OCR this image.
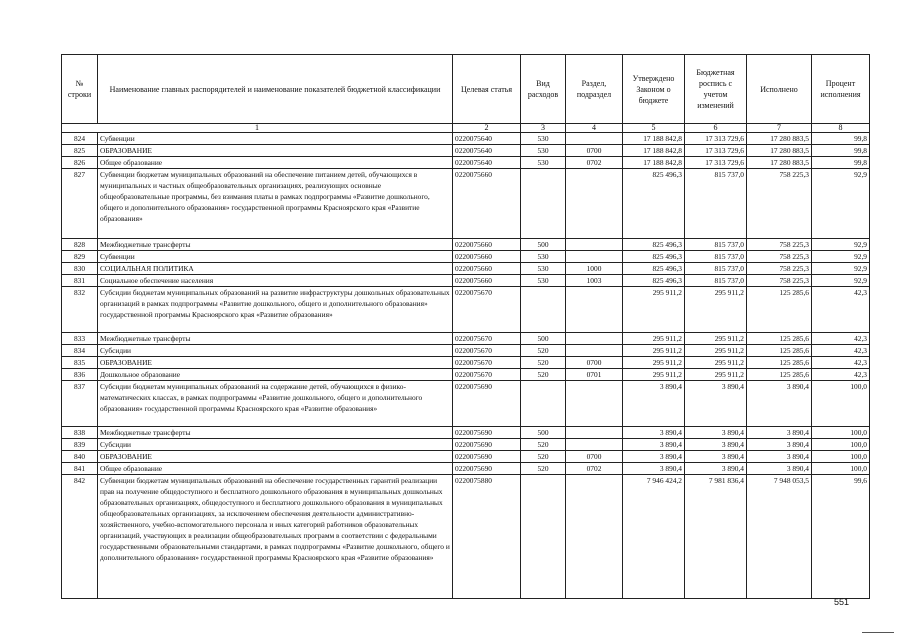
№ строки	Наименование главных распорядителей и наименование показателей бюджетной классификации	Целевая статья	Вид расходов	Раздел, подраздел	Утверждено Законом о бюджете	Бюджетная роспись с учетом изменений	Исполнено	Процент исполнения
1		2	3	4	5	6	7	8
824	Субвенции	0220075640	530		17 188 842,8	17 313 729,6	17 280 883,5	99,8
825	ОБРАЗОВАНИЕ	0220075640	530	0700	17 188 842,8	17 313 729,6	17 280 883,5	99,8
826	Общее образование	0220075640	530	0702	17 188 842,8	17 313 729,6	17 280 883,5	99,8
827	Субвенции бюджетам муниципальных образований на обеспечение питанием детей, обучающихся в муниципальных и частных общеобразовательных организациях, реализующих основные общеобразовательные программы, без взимания платы в рамках подпрограммы «Развитие дошкольного, общего и дополнительного образования» государственной программы Красноярского края «Развитие образования»	0220075660			825 496,3	815 737,0	758 225,3	92,9
828	Межбюджетные трансферты	0220075660	500		825 496,3	815 737,0	758 225,3	92,9
829	Субвенции	0220075660	530		825 496,3	815 737,0	758 225,3	92,9
830	СОЦИАЛЬНАЯ ПОЛИТИКА	0220075660	530	1000	825 496,3	815 737,0	758 225,3	92,9
831	Социальное обеспечение населения	0220075660	530	1003	825 496,3	815 737,0	758 225,3	92,9
832	Субсидии бюджетам муниципальных образований на развитие инфраструктуры дошкольных образовательных организаций в рамках подпрограммы «Развитие дошкольного, общего и дополнительного образования» государственной программы Красноярского края «Развитие образования»	0220075670			295 911,2	295 911,2	125 285,6	42,3
833	Межбюджетные трансферты	0220075670	500		295 911,2	295 911,2	125 285,6	42,3
834	Субсидии	0220075670	520		295 911,2	295 911,2	125 285,6	42,3
835	ОБРАЗОВАНИЕ	0220075670	520	0700	295 911,2	295 911,2	125 285,6	42,3
836	Дошкольное образование	0220075670	520	0701	295 911,2	295 911,2	125 285,6	42,3
837	Субсидии бюджетам муниципальных образований на содержание детей, обучающихся в физико-математических классах, в рамках подпрограммы «Развитие дошкольного, общего и дополнительного образования» государственной программы Красноярского края «Развитие образования»	0220075690			3 890,4	3 890,4	3 890,4	100,0
838	Межбюджетные трансферты	0220075690	500		3 890,4	3 890,4	3 890,4	100,0
839	Субсидии	0220075690	520		3 890,4	3 890,4	3 890,4	100,0
840	ОБРАЗОВАНИЕ	0220075690	520	0700	3 890,4	3 890,4	3 890,4	100,0
841	Общее образование	0220075690	520	0702	3 890,4	3 890,4	3 890,4	100,0
842	Субвенции бюджетам муниципальных образований на обеспечение государственных гарантий реализации прав на получение общедоступного и бесплатного дошкольного образования в муниципальных дошкольных образовательных организациях, общедоступного и бесплатного дошкольного образования в муниципальных общеобразовательных организациях, за исключением обеспечения деятельности административно-хозяйственного, учебно-вспомогательного персонала и иных категорий работников образовательных организаций, участвующих в реализации общеобразовательных программ в соответствии с федеральными государственными образовательными стандартами, в рамках подпрограммы «Развитие дошкольного, общего и дополнительного образования» государственной программы Красноярского края «Развитие образования»	0220075880			7 946 424,2	7 981 836,4	7 948 053,5	99,6
551
